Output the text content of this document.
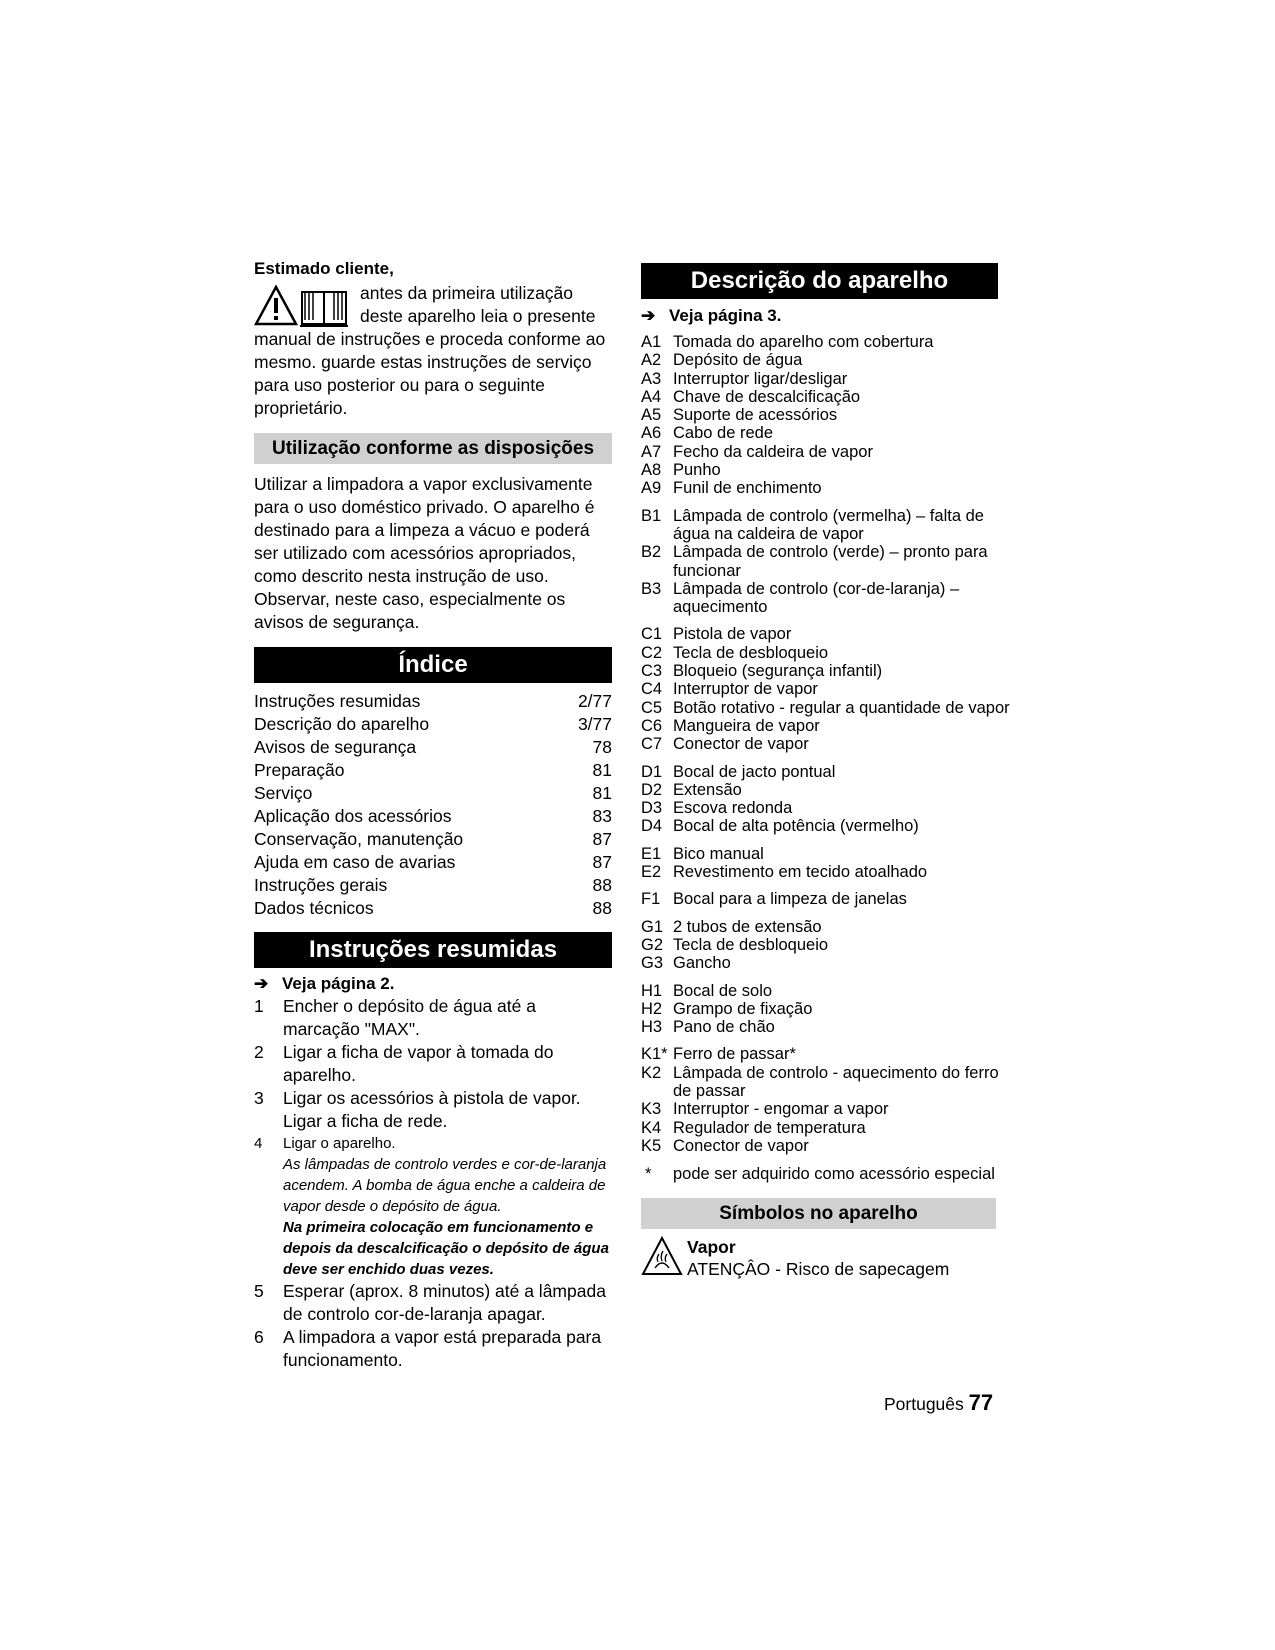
Estimado cliente,

antes da primeira utilização deste aparelho leia o presente manual de instruções e proceda conforme ao mesmo. guarde estas instruções de serviço para uso posterior ou para o seguinte proprietário.
Utilização conforme as disposições

Utilizar a limpadora a vapor exclusivamente para o uso doméstico privado. O aparelho é destinado para a limpeza a vácuo e poderá ser utilizado com acessórios apropriados, como descrito nesta instrução de uso. Observar, neste caso, especialmente os avisos de segurança.

Índice
Instruções resumidas	2/77
Descrição do aparelho	3/77
Avisos de segurança	78
Preparação	81
Serviço	81
Aplicação dos acessórios	83
Conservação, manutenção	87
Ajuda em caso de avarias	87
Instruções gerais	88
Dados técnicos	88
Instruções resumidas
➔ Veja página 2.
1	Encher o depósito de água até a marcação "MAX".
2	Ligar a ficha de vapor à tomada do aparelho.
3	Ligar os acessórios à pistola de vapor. Ligar a ficha de rede.
4	Ligar o aparelho.
As lâmpadas de controlo verdes e cor-de-laranja acendem. A bomba de água enche a caldeira de vapor desde o depósito de água.
Na primeira colocação em funcionamento e depois da descalcificação o depósito de água deve ser enchido duas vezes.
5	Esperar (aprox. 8 minutos) até a lâmpada de controlo cor-de-laranja apagar.
6	A limpadora a vapor está preparada para funcionamento.
Descrição do aparelho
➔ Veja página 3.
A1 Tomada do aparelho com cobertura
A2 Depósito de água
A3 Interruptor ligar/desligar
A4 Chave de descalcificação
A5 Suporte de acessórios
A6 Cabo de rede
A7 Fecho da caldeira de vapor
A8 Punho
A9 Funil de enchimento
B1 Lâmpada de controlo (vermelha) – falta de água na caldeira de vapor
B2 Lâmpada de controlo (verde) – pronto para funcionar
B3 Lâmpada de controlo (cor-de-laranja) – aquecimento
C1 Pistola de vapor
C2 Tecla de desbloqueio
C3 Bloqueio (segurança infantil)
C4 Interruptor de vapor
C5 Botão rotativo - regular a quantidade de vapor
C6 Mangueira de vapor
C7 Conector de vapor
D1 Bocal de jacto pontual
D2 Extensão
D3 Escova redonda
D4 Bocal de alta potência (vermelho)
E1 Bico manual
E2 Revestimento em tecido atoalhado
F1 Bocal para a limpeza de janelas
G1 2 tubos de extensão
G2 Tecla de desbloqueio
G3 Gancho
H1 Bocal de solo
H2 Grampo de fixação
H3 Pano de chão
K1* Ferro de passar*
K2 Lâmpada de controlo - aquecimento do ferro de passar
K3 Interruptor - engomar a vapor
K4 Regulador de temperatura
K5 Conector de vapor
*	pode ser adquirido como acessório especial
Símbolos no aparelho
Vapor
ATENÇÂO - Risco de sapecagem
Português 77
